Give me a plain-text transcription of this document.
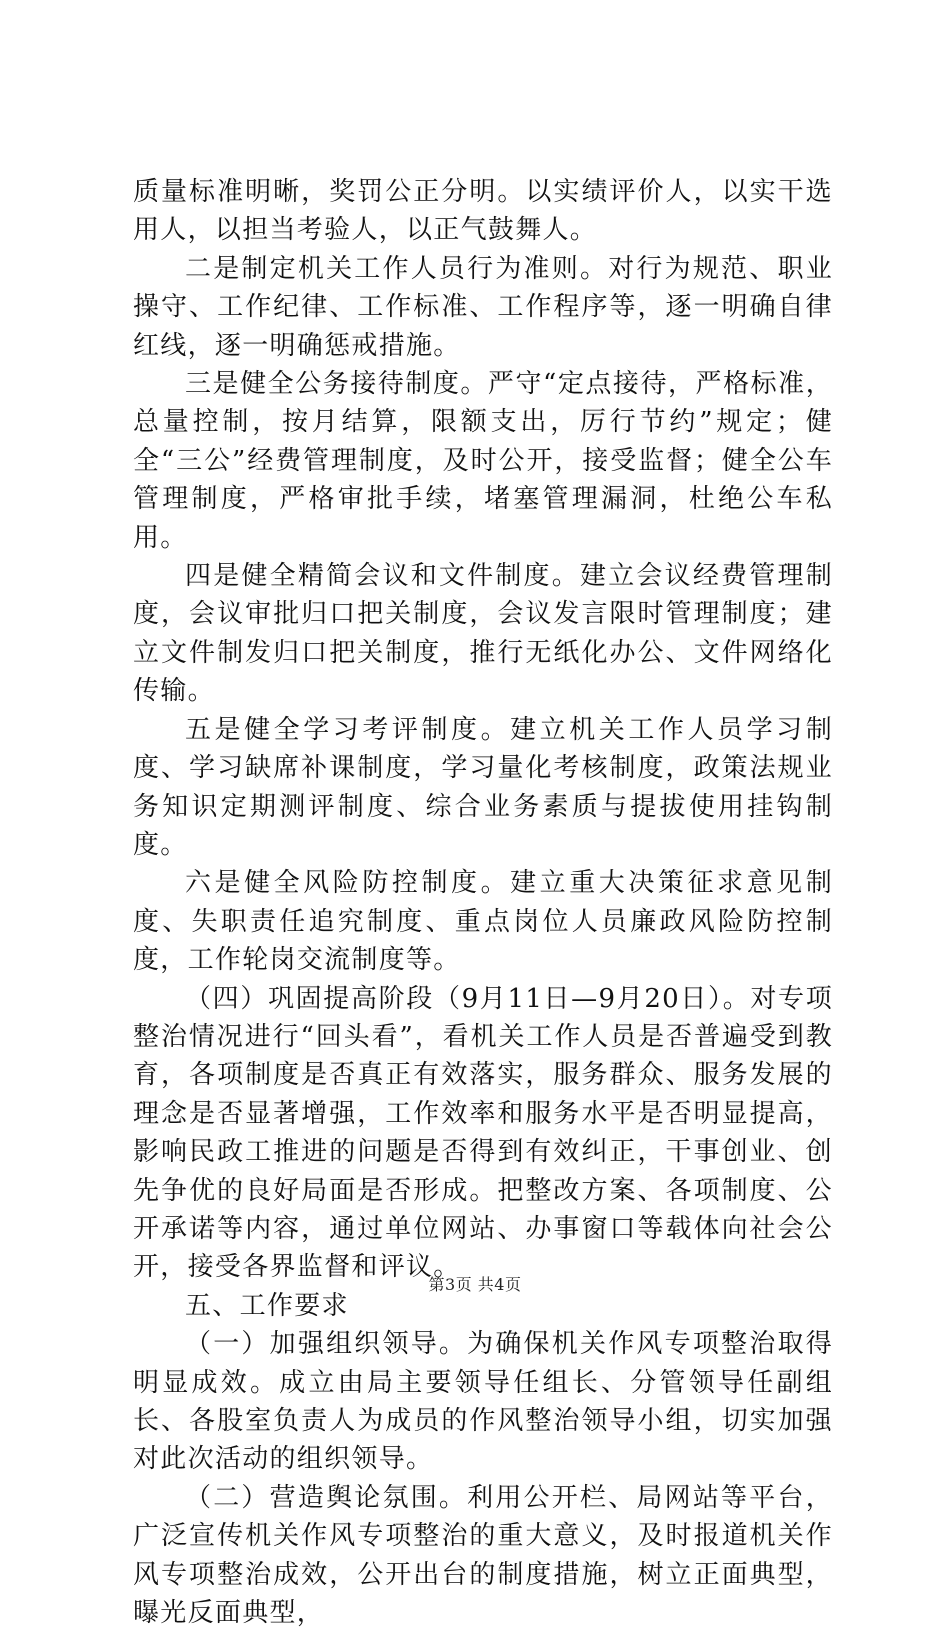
质量标准明晰，奖罚公正分明。以实绩评价人，以实干选用人，以担当考验人，以正气鼓舞人。

二是制定机关工作人员行为准则。对行为规范、职业操守、工作纪律、工作标准、工作程序等，逐一明确自律红线，逐一明确惩戒措施。

三是健全公务接待制度。严守“定点接待，严格标准，总量控制，按月结算，限额支出，厉行节约”规定；健全“三公”经费管理制度，及时公开，接受监督；健全公车管理制度，严格审批手续，堵塞管理漏洞，杜绝公车私用。

四是健全精简会议和文件制度。建立会议经费管理制度，会议审批归口把关制度，会议发言限时管理制度；建立文件制发归口把关制度，推行无纸化办公、文件网络化传输。

五是健全学习考评制度。建立机关工作人员学习制度、学习缺席补课制度，学习量化考核制度，政策法规业务知识定期测评制度、综合业务素质与提拔使用挂钩制度。

六是健全风险防控制度。建立重大决策征求意见制度、失职责任追究制度、重点岗位人员廉政风险防控制度，工作轮岗交流制度等。

（四）巩固提高阶段（9月11日—9月20日）。对专项整治情况进行“回头看”，看机关工作人员是否普遍受到教育，各项制度是否真正有效落实，服务群众、服务发展的理念是否显著增强，工作效率和服务水平是否明显提高，影响民政工推进的问题是否得到有效纠正，干事创业、创先争优的良好局面是否形成。把整改方案、各项制度、公开承诺等内容，通过单位网站、办事窗口等载体向社会公开，接受各界监督和评议。

五、工作要求

（一）加强组织领导。为确保机关作风专项整治取得明显成效。成立由局主要领导任组长、分管领导任副组长、各股室负责人为成员的作风整治领导小组，切实加强对此次活动的组织领导。

（二）营造舆论氛围。利用公开栏、局网站等平台，广泛宣传机关作风专项整治的重大意义，及时报道机关作风专项整治成效，公开出台的制度措施，树立正面典型，曝光反面典型，

第3页 共4页
